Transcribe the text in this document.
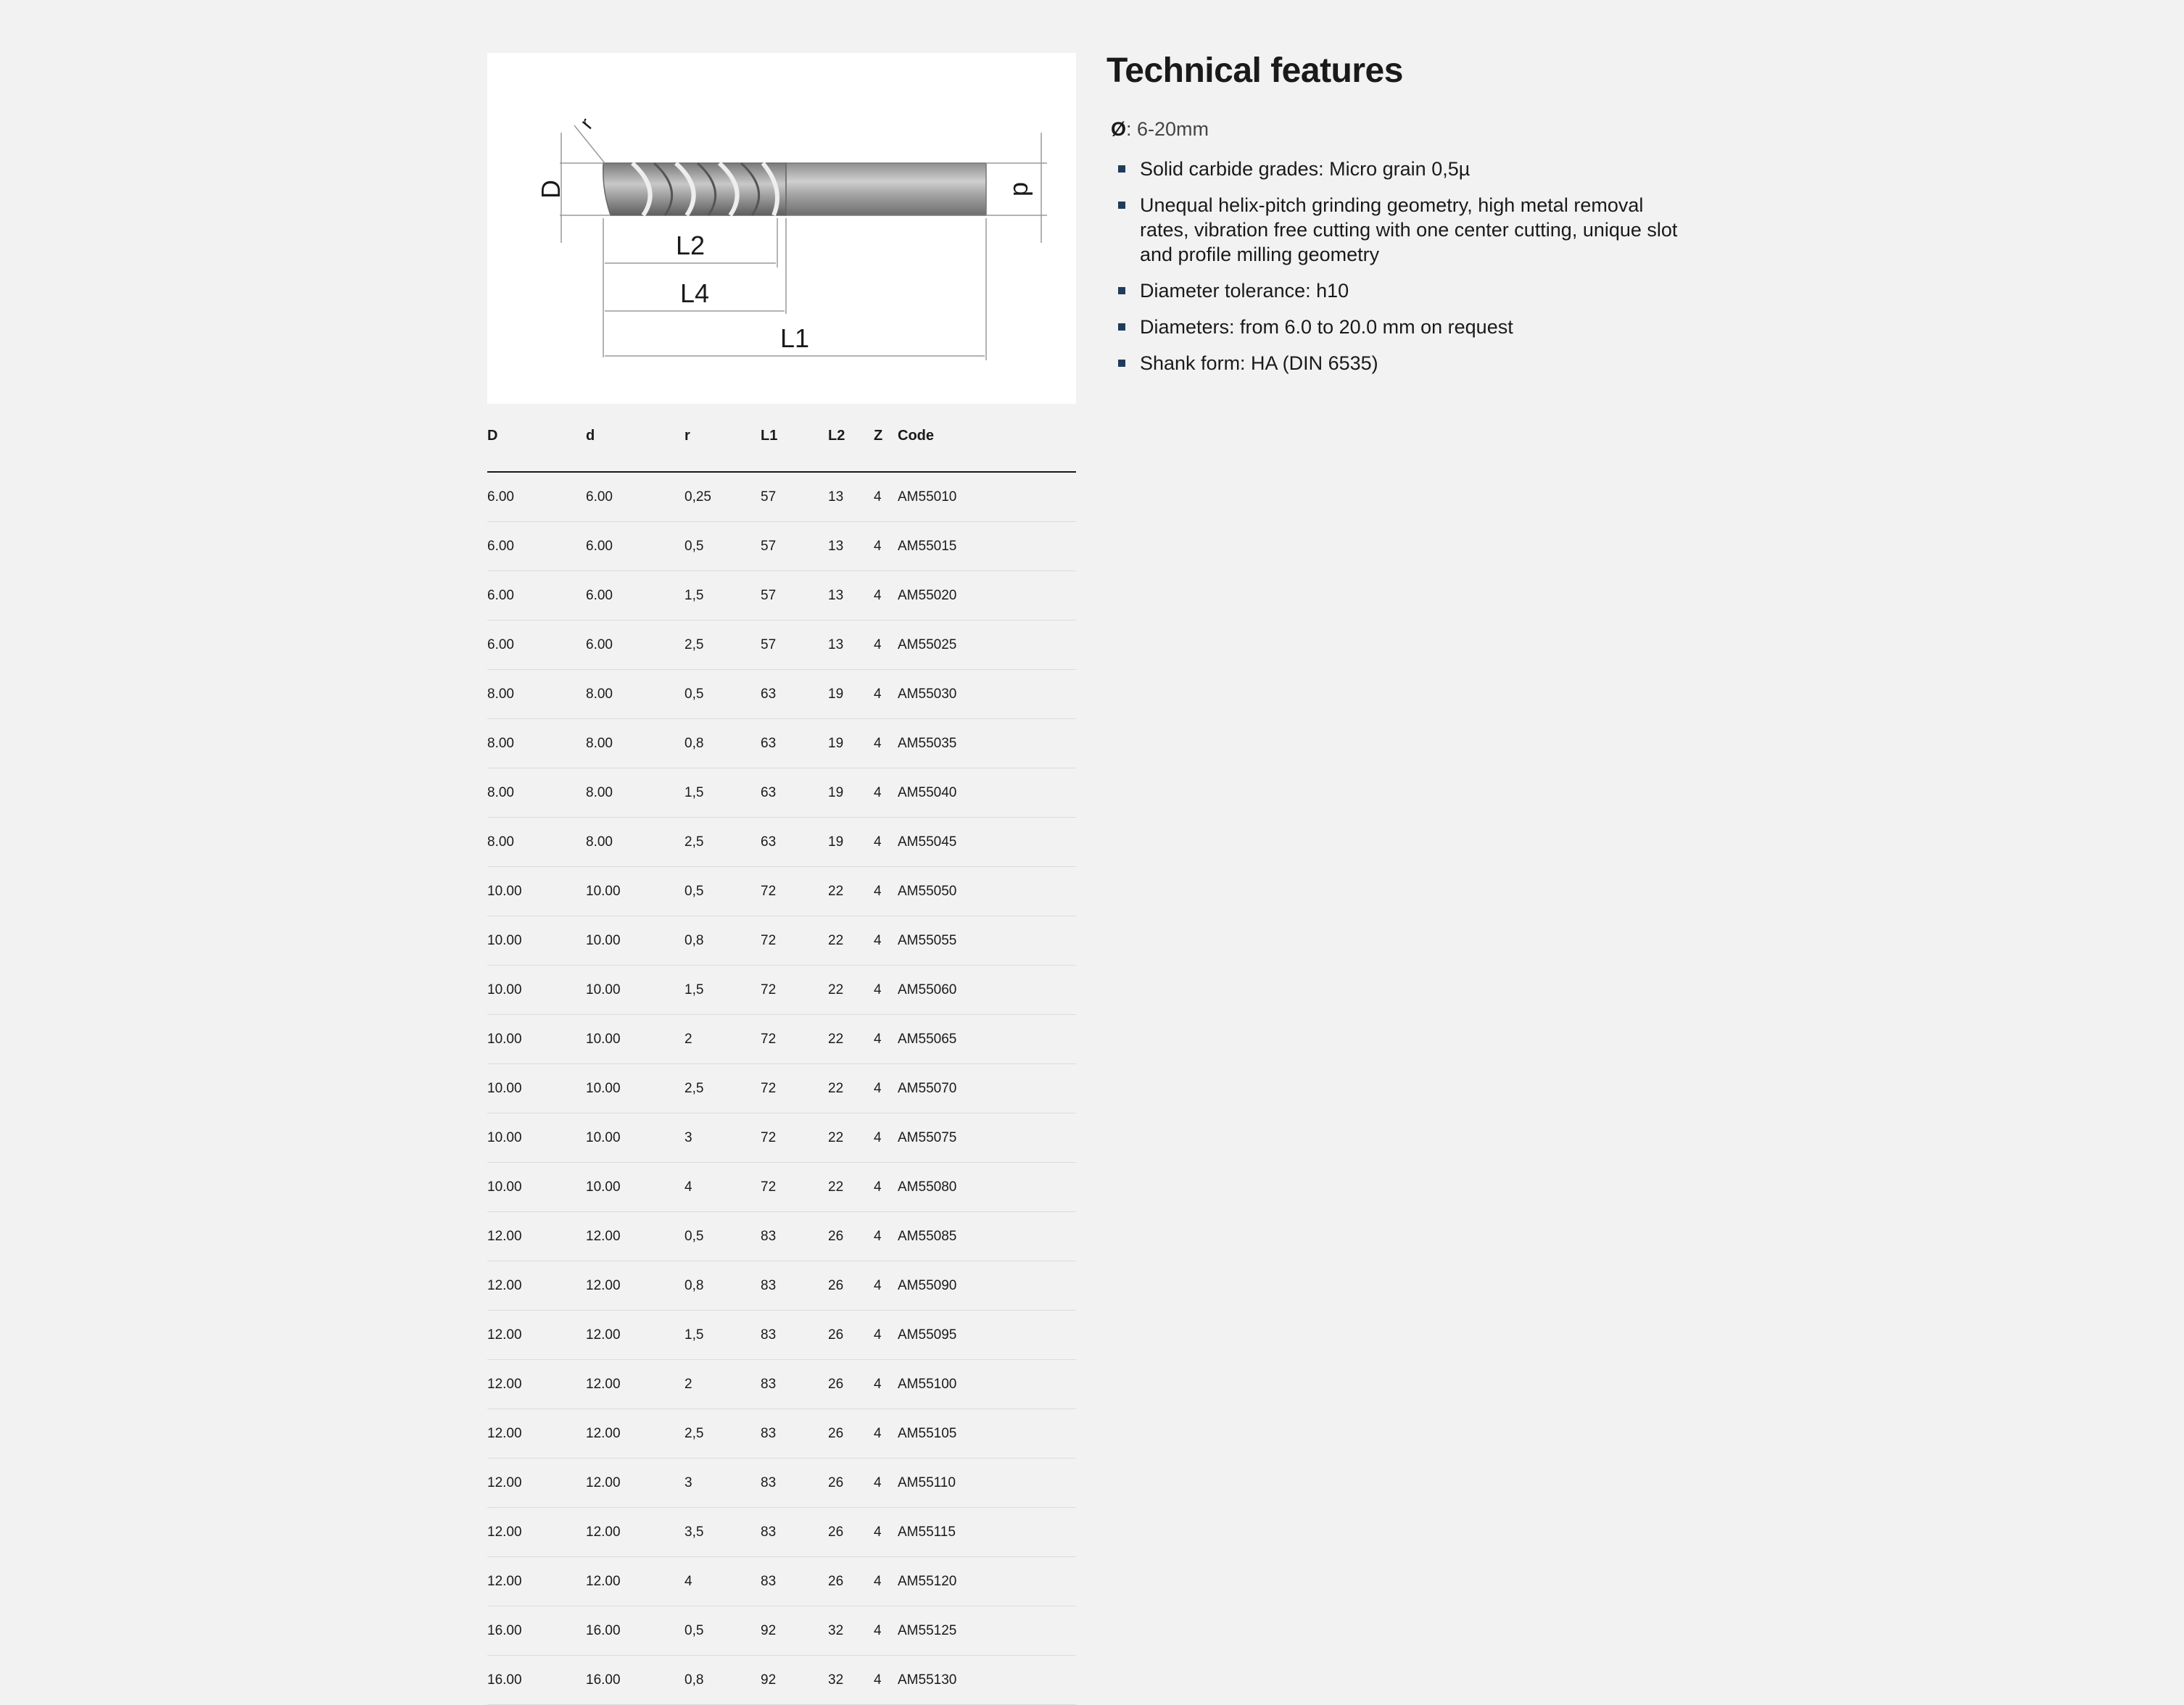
D	d
r
L2
L4
L1
D	d	r	L1	L2	Z	Code
6.00	6.00	0,25	57	13	4	AM55010
6.00	6.00	0,5	57	13	4	AM55015
6.00	6.00	1,5	57	13	4	AM55020
6.00	6.00	2,5	57	13	4	AM55025
8.00	8.00	0,5	63	19	4	AM55030
8.00	8.00	0,8	63	19	4	AM55035
8.00	8.00	1,5	63	19	4	AM55040
8.00	8.00	2,5	63	19	4	AM55045
10.00	10.00	0,5	72	22	4	AM55050
10.00	10.00	0,8	72	22	4	AM55055
10.00	10.00	1,5	72	22	4	AM55060
10.00	10.00	2	72	22	4	AM55065
10.00	10.00	2,5	72	22	4	AM55070
10.00	10.00	3	72	22	4	AM55075
10.00	10.00	4	72	22	4	AM55080
12.00	12.00	0,5	83	26	4	AM55085
12.00	12.00	0,8	83	26	4	AM55090
12.00	12.00	1,5	83	26	4	AM55095
12.00	12.00	2	83	26	4	AM55100
12.00	12.00	2,5	83	26	4	AM55105
12.00	12.00	3	83	26	4	AM55110
12.00	12.00	3,5	83	26	4	AM55115
12.00	12.00	4	83	26	4	AM55120
16.00	16.00	0,5	92	32	4	AM55125
16.00	16.00	0,8	92	32	4	AM55130
Technical features
Ø: 6-20mm
Solid carbide grades: Micro grain 0,5µ
Unequal helix-pitch grinding geometry, high metal removal rates, vibration free cutting with one center cutting, unique slot and profile milling geometry
Diameter tolerance: h10
Diameters: from 6.0 to 20.0 mm on request
Shank form: HA (DIN 6535)
